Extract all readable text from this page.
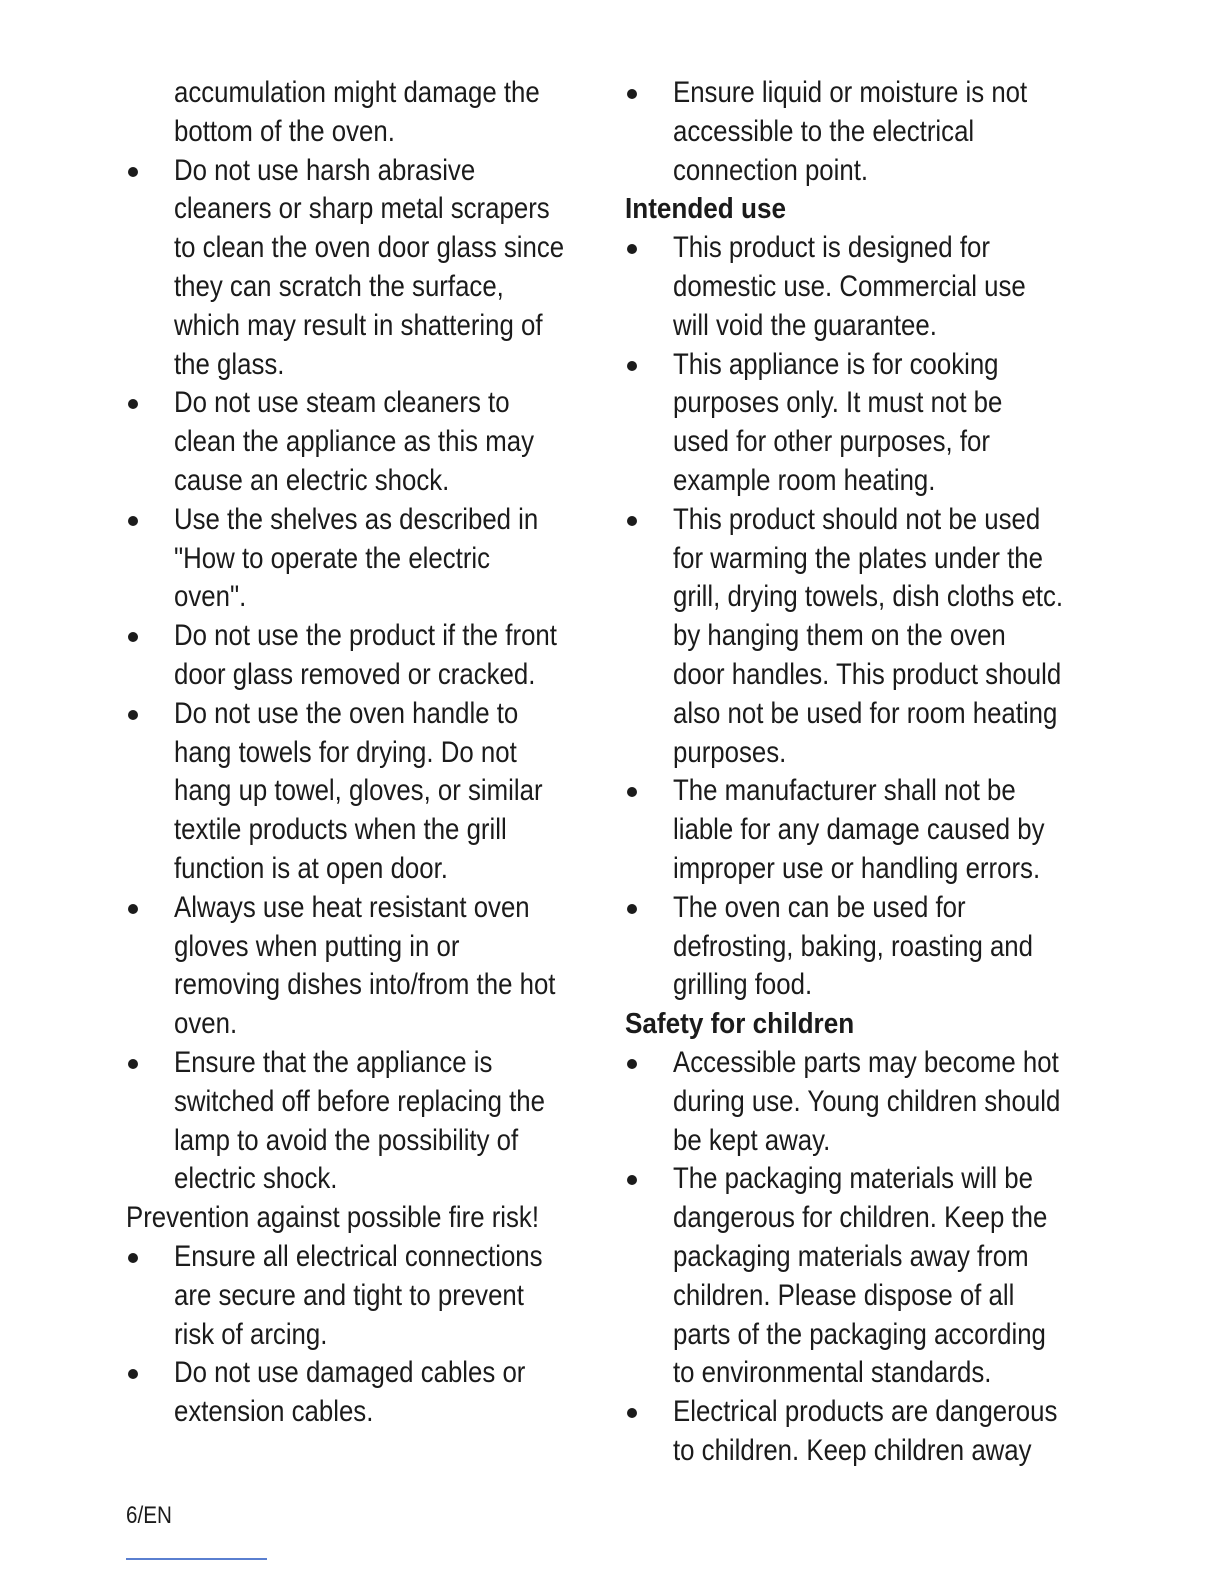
accumulation might damage the
bottom of the oven.
Do not use harsh abrasive
cleaners or sharp metal scrapers
to clean the oven door glass since
they can scratch the surface,
which may result in shattering of
the glass.
Do not use steam cleaners to
clean the appliance as this may
cause an electric shock.
Use the shelves as described in
"How to operate the electric
oven".
Do not use the product if the front
door glass removed or cracked.
Do not use the oven handle to
hang towels for drying. Do not
hang up towel, gloves, or similar
textile products when the grill
function is at open door.
Always use heat resistant oven
gloves when putting in or
removing dishes into/from the hot
oven.
Ensure that the appliance is
switched off before replacing the
lamp to avoid the possibility of
electric shock.
Prevention against possible fire risk!
Ensure all electrical connections
are secure and tight to prevent
risk of arcing.
Do not use damaged cables or
extension cables.
Ensure liquid or moisture is not
accessible to the electrical
connection point.
Intended use
This product is designed for
domestic use. Commercial use
will void the guarantee.
This appliance is for cooking
purposes only. It must not be
used for other purposes, for
example room heating.
This product should not be used
for warming the plates under the
grill, drying towels, dish cloths etc.
by hanging them on the oven
door handles. This product should
also not be used for room heating
purposes.
The manufacturer shall not be
liable for any damage caused by
improper use or handling errors.
The oven can be used for
defrosting, baking, roasting and
grilling food.
Safety for children
Accessible parts may become hot
during use. Young children should
be kept away.
The packaging materials will be
dangerous for children. Keep the
packaging materials away from
children. Please dispose of all
parts of the packaging according
to environmental standards.
Electrical products are dangerous
to children. Keep children away
6/EN
